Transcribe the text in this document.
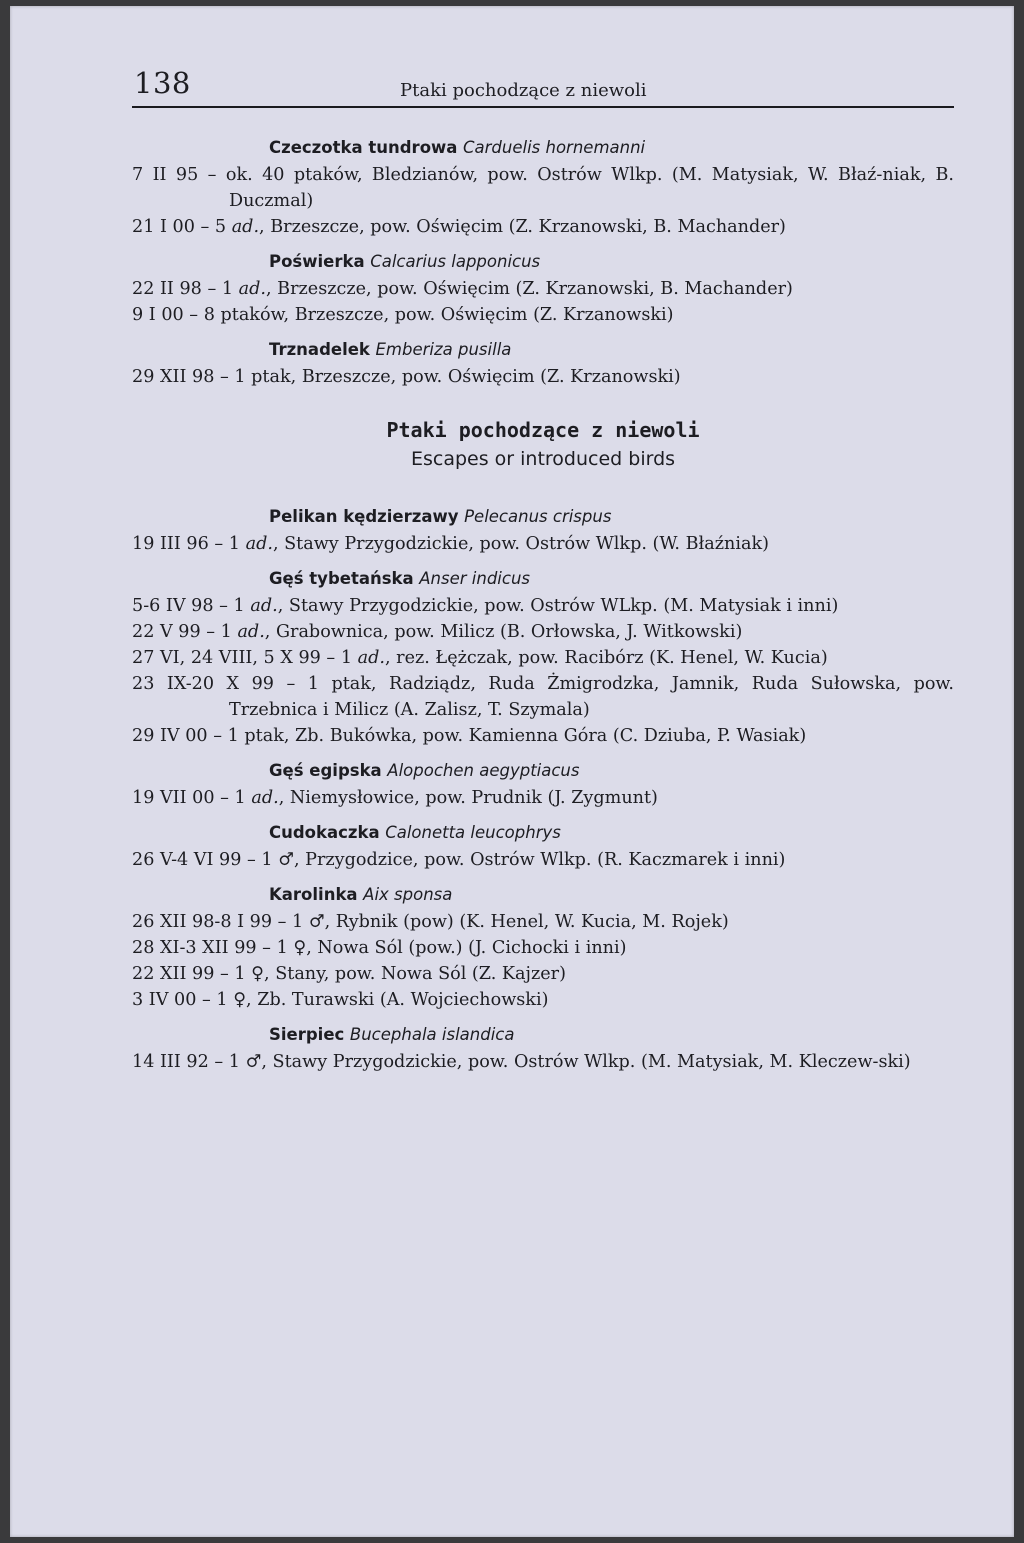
138	Ptaki pochodzące z niewoli
Czeczotka tundrowa Carduelis hornemanni
7 II 95 – ok. 40 ptaków, Bledzianów, pow. Ostrów Wlkp. (M. Matysiak, W. Błaź-niak, B. Duczmal)
21 I 00 – 5 ad., Brzeszcze, pow. Oświęcim (Z. Krzanowski, B. Machander)
Poświerka Calcarius lapponicus
22 II 98 – 1 ad., Brzeszcze, pow. Oświęcim (Z. Krzanowski, B. Machander)
9 I 00 – 8 ptaków, Brzeszcze, pow. Oświęcim (Z. Krzanowski)
Trznadelek Emberiza pusilla
29 XII 98 – 1 ptak, Brzeszcze, pow. Oświęcim (Z. Krzanowski)
Ptaki pochodzące z niewoli
Escapes or introduced birds
Pelikan kędzierzawy Pelecanus crispus
19 III 96 – 1 ad., Stawy Przygodzickie, pow. Ostrów Wlkp. (W. Błaźniak)
Gęś tybetańska Anser indicus
5-6 IV 98 – 1 ad., Stawy Przygodzickie, pow. Ostrów WLkp. (M. Matysiak i inni)
22 V 99 – 1 ad., Grabownica, pow. Milicz (B. Orłowska, J. Witkowski)
27 VI, 24 VIII, 5 X 99 – 1 ad., rez. Łężczak, pow. Racibórz (K. Henel, W. Kucia)
23 IX-20 X 99 – 1 ptak, Radziądz, Ruda Żmigrodzka, Jamnik, Ruda Sułowska, pow. Trzebnica i Milicz (A. Zalisz, T. Szymala)
29 IV 00 – 1 ptak, Zb. Bukówka, pow. Kamienna Góra (C. Dziuba, P. Wasiak)
Gęś egipska Alopochen aegyptiacus
19 VII 00 – 1 ad., Niemysłowice, pow. Prudnik (J. Zygmunt)
Cudokaczka Calonetta leucophrys
26 V-4 VI 99 – 1 ♂, Przygodzice, pow. Ostrów Wlkp. (R. Kaczmarek i inni)
Karolinka Aix sponsa
26 XII 98-8 I 99 – 1 ♂, Rybnik (pow) (K. Henel, W. Kucia, M. Rojek)
28 XI-3 XII 99 – 1 ♀, Nowa Sól (pow.) (J. Cichocki i inni)
22 XII 99 – 1 ♀, Stany, pow. Nowa Sól (Z. Kajzer)
3 IV 00 – 1 ♀, Zb. Turawski (A. Wojciechowski)
Sierpiec Bucephala islandica
14 III 92 – 1 ♂, Stawy Przygodzickie, pow. Ostrów Wlkp. (M. Matysiak, M. Kleczew-ski)
